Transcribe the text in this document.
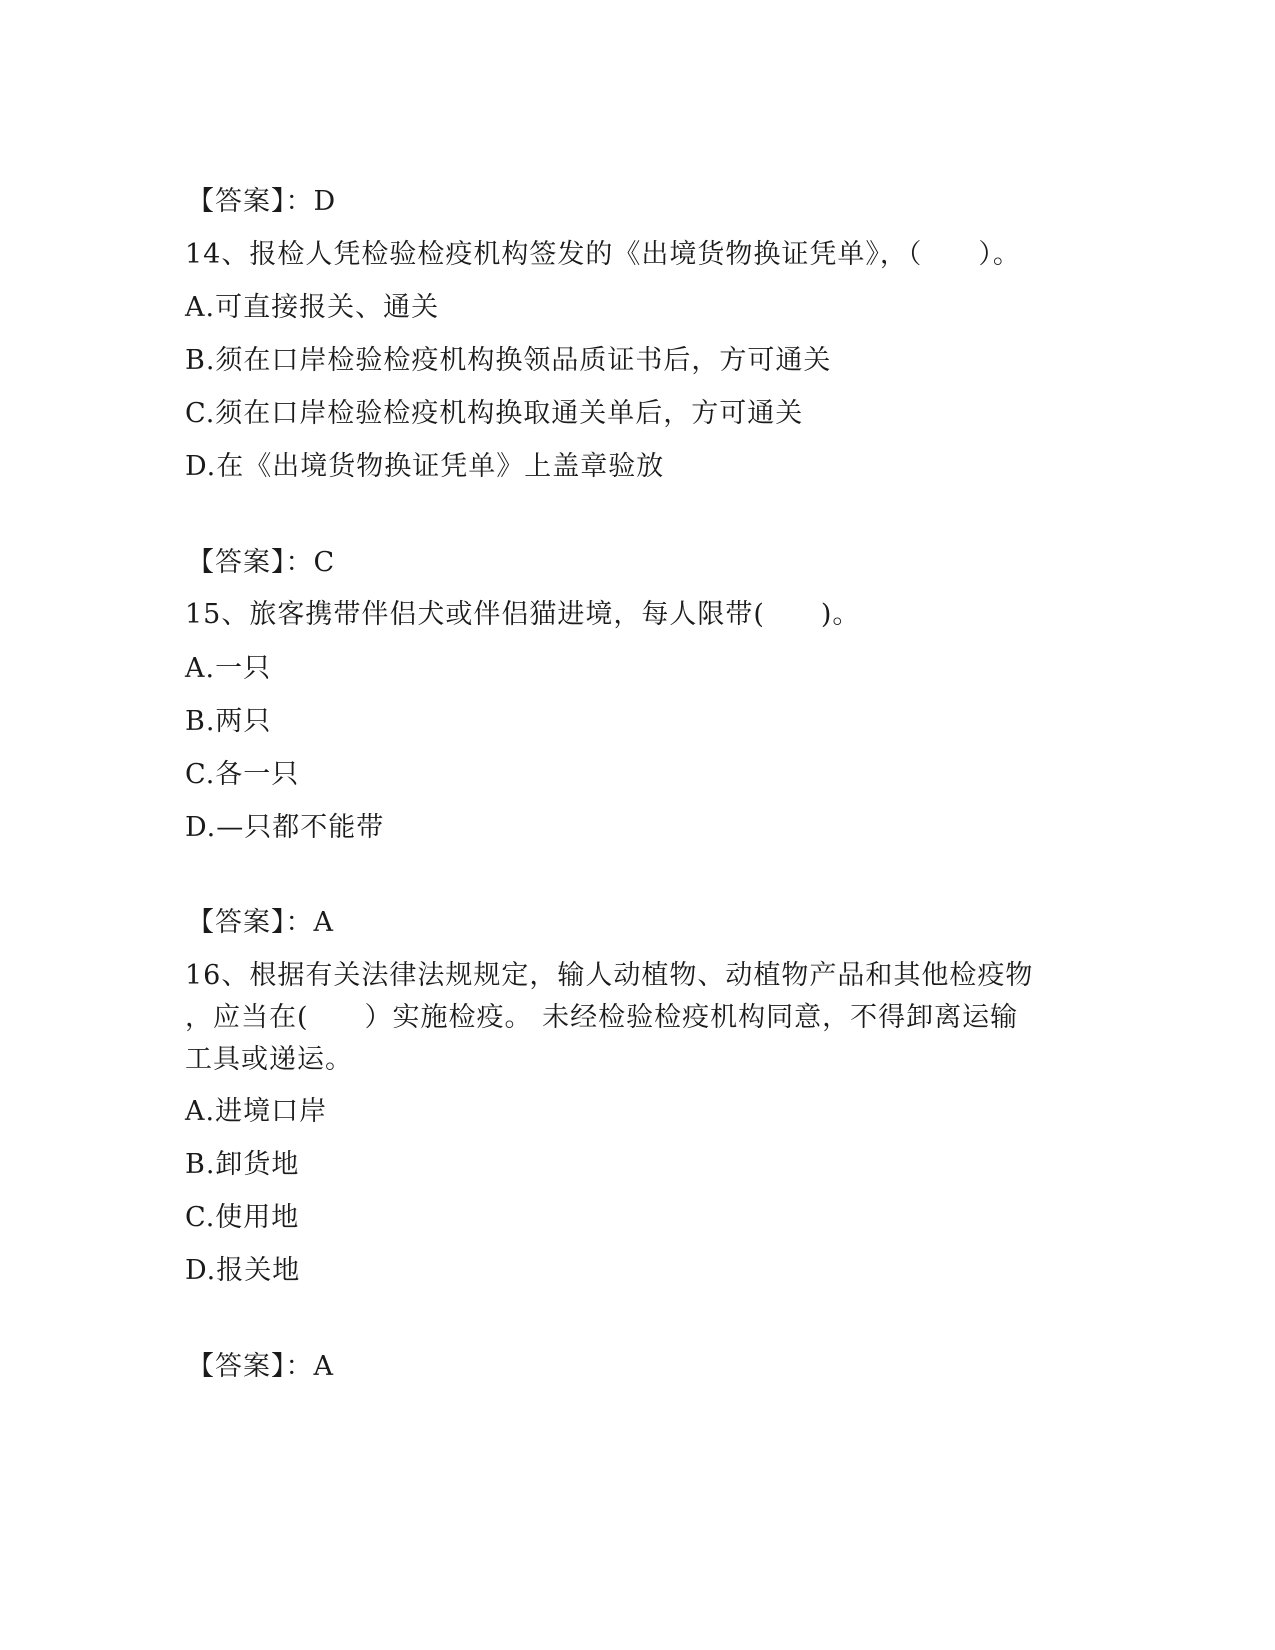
【答案】：D
14、报检人凭检验检疫机构签发的《出境货物换证凭单》，（　　）。
A.可直接报关、通关
B.须在口岸检验检疫机构换领品质证书后，方可通关
C.须在口岸检验检疫机构换取通关单后，方可通关
D.在《出境货物换证凭单》上盖章验放
【答案】：C
15、旅客携带伴侣犬或伴侣猫进境，每人限带(　　)。
A.一只
B.两只
C.各一只
D.—只都不能带
【答案】：A
16、根据有关法律法规规定，输人动植物、动植物产品和其他检疫物
，应当在(　　）实施检疫。 未经检验检疫机构同意，不得卸离运输
工具或递运。
A.进境口岸
B.卸货地
C.使用地
D.报关地
【答案】：A
